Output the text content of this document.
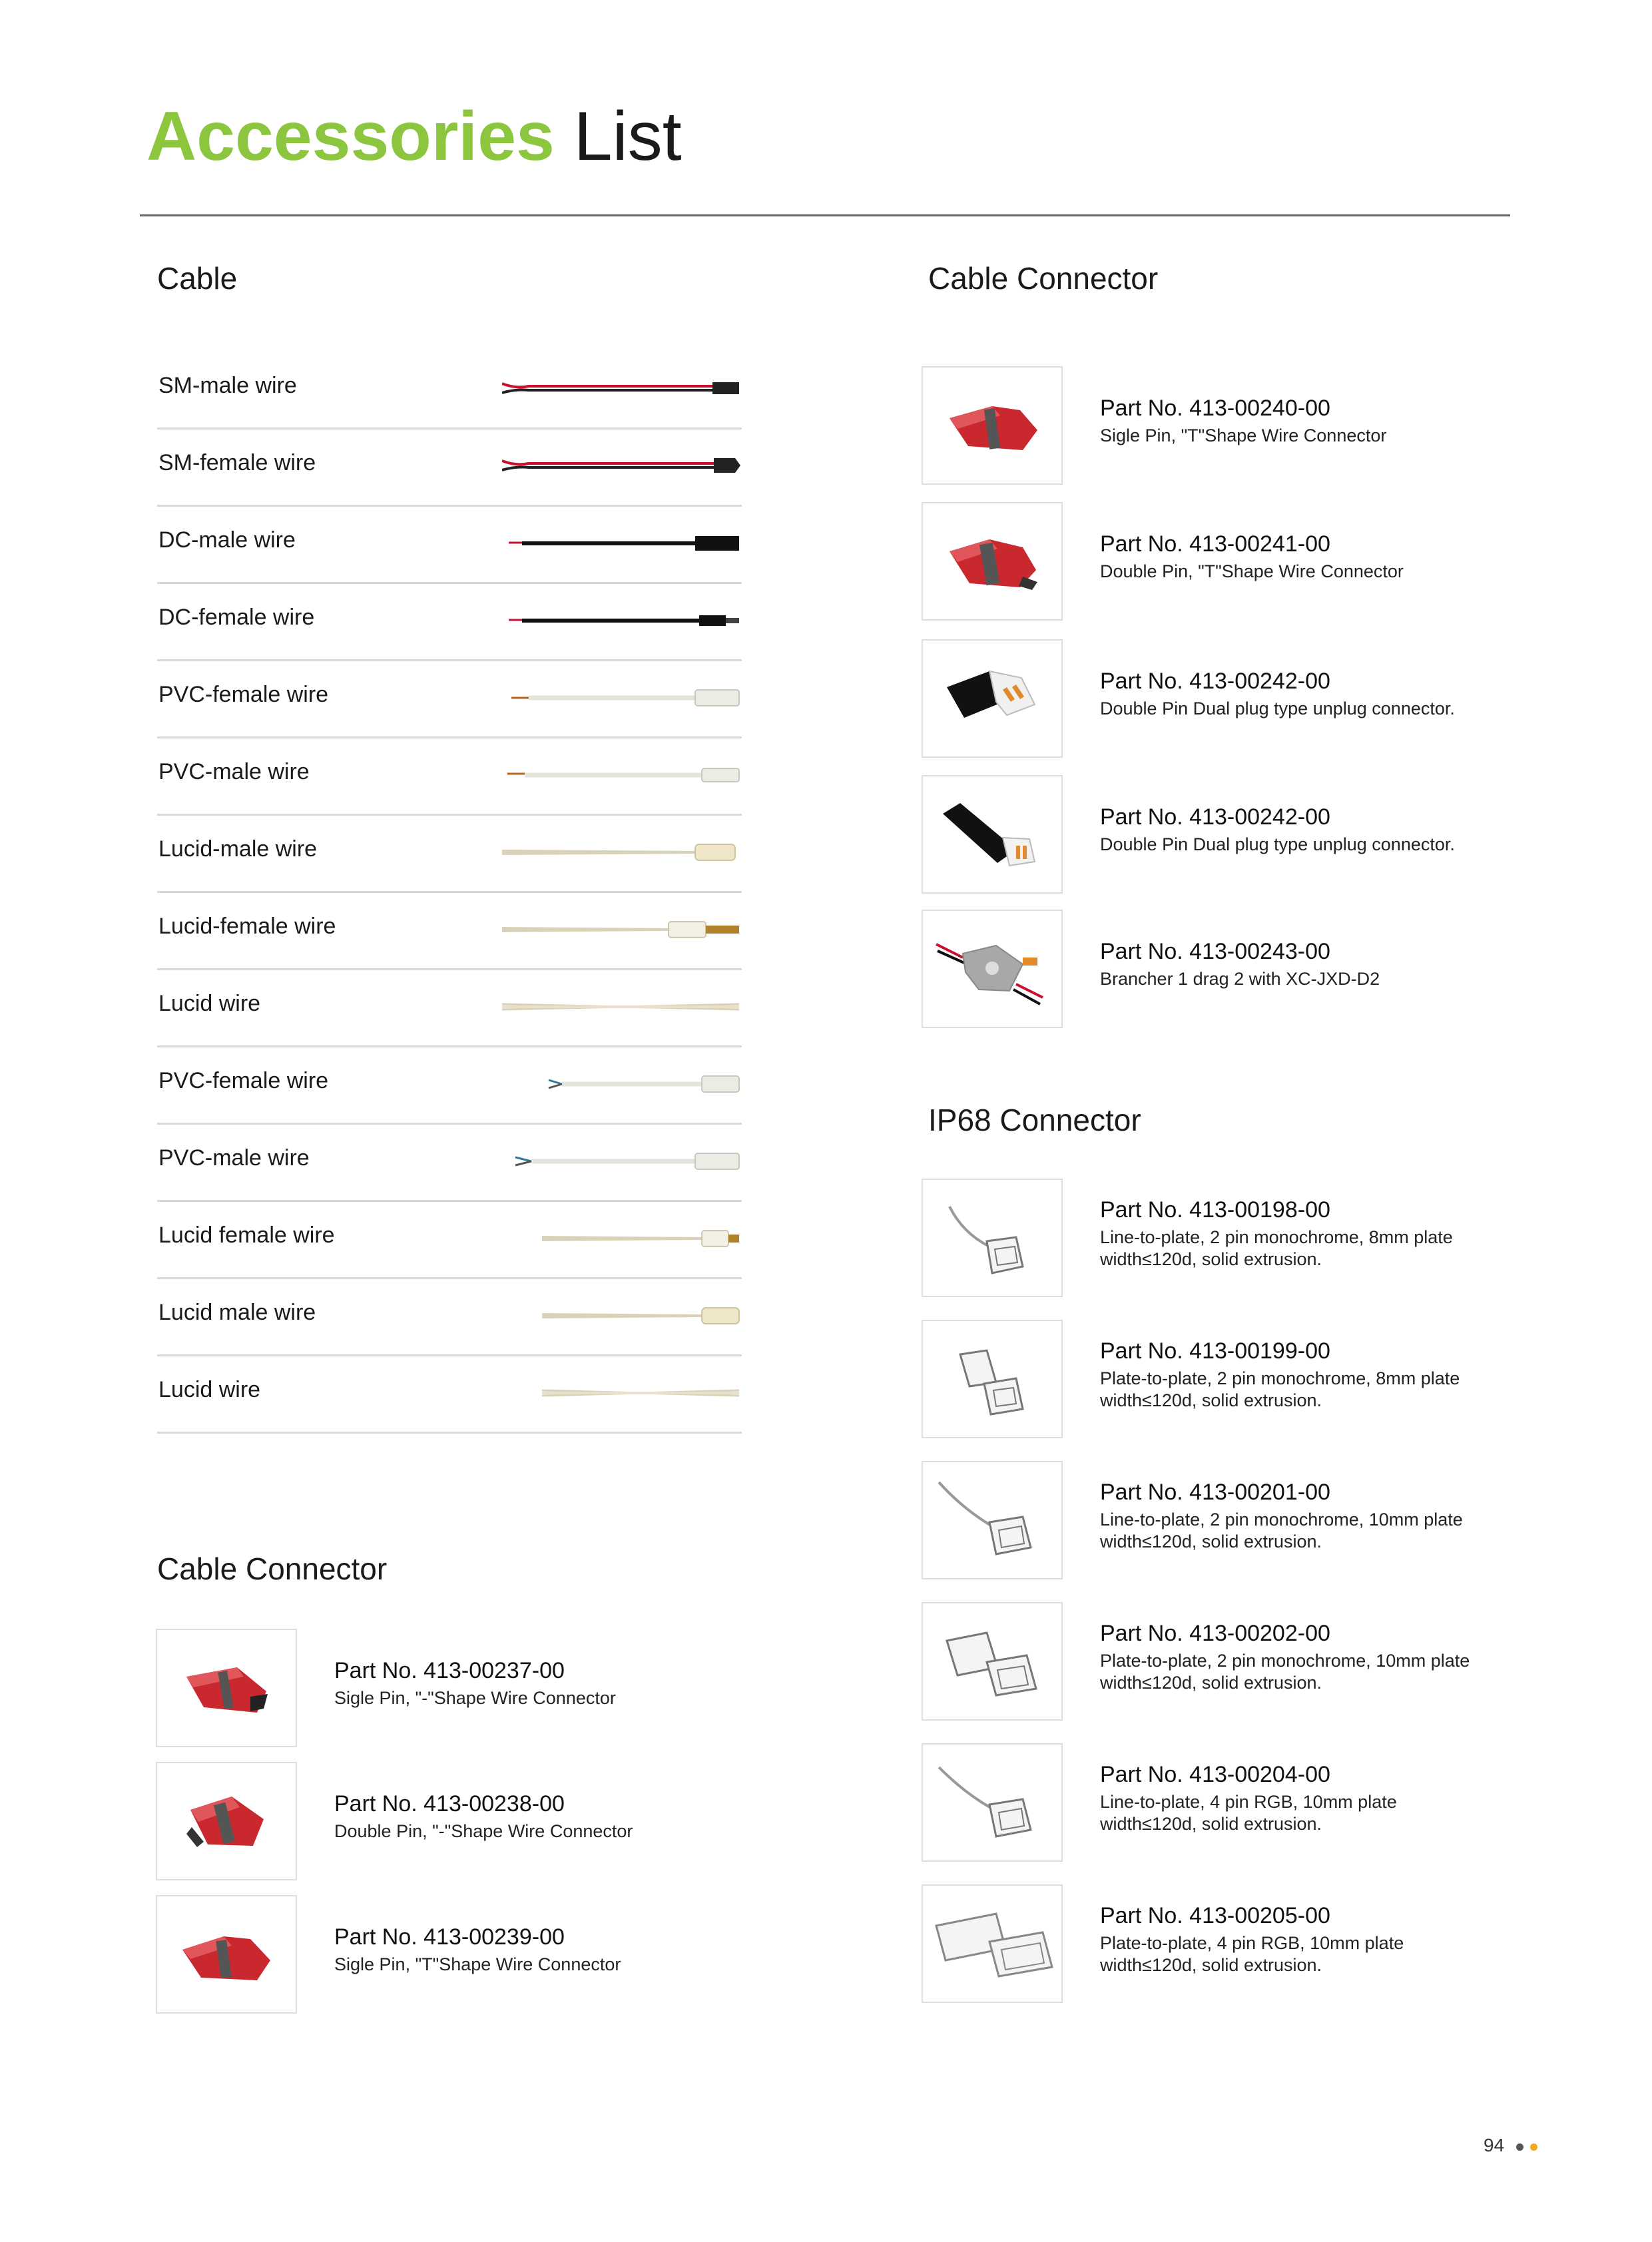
Accessories List
Cable
SM-male wire
SM-female wire
DC-male wire
DC-female wire
PVC-female wire
PVC-male wire
Lucid-male wire
Lucid-female wire
Lucid wire
PVC-female wire
PVC-male wire
Lucid female wire
Lucid male wire
Lucid wire
Cable Connector
Part No. 413-00237-00
Sigle Pin, "-"Shape Wire Connector
Part No. 413-00238-00
Double Pin, "-"Shape Wire Connector
Part No. 413-00239-00
Sigle Pin, "T"Shape Wire Connector
Cable Connector
Part No. 413-00240-00
Sigle Pin, "T"Shape Wire Connector
Part No. 413-00241-00
Double Pin, "T"Shape Wire Connector
Part No. 413-00242-00
Double Pin Dual plug type unplug connector.
Part No. 413-00242-00
Double Pin Dual plug type unplug connector.
Part No. 413-00243-00
Brancher 1 drag 2 with XC-JXD-D2
IP68 Connector
Part No. 413-00198-00
Line-to-plate, 2 pin monochrome, 8mm plate width≤120d, solid extrusion.
Part No. 413-00199-00
Plate-to-plate, 2 pin monochrome, 8mm plate width≤120d, solid extrusion.
Part No. 413-00201-00
Line-to-plate, 2 pin monochrome, 10mm plate width≤120d, solid extrusion.
Part No. 413-00202-00
Plate-to-plate, 2 pin monochrome, 10mm plate width≤120d, solid extrusion.
Part No. 413-00204-00
Line-to-plate, 4 pin RGB, 10mm plate width≤120d, solid extrusion.
Part No. 413-00205-00
Plate-to-plate, 4 pin RGB, 10mm plate width≤120d, solid extrusion.
94
